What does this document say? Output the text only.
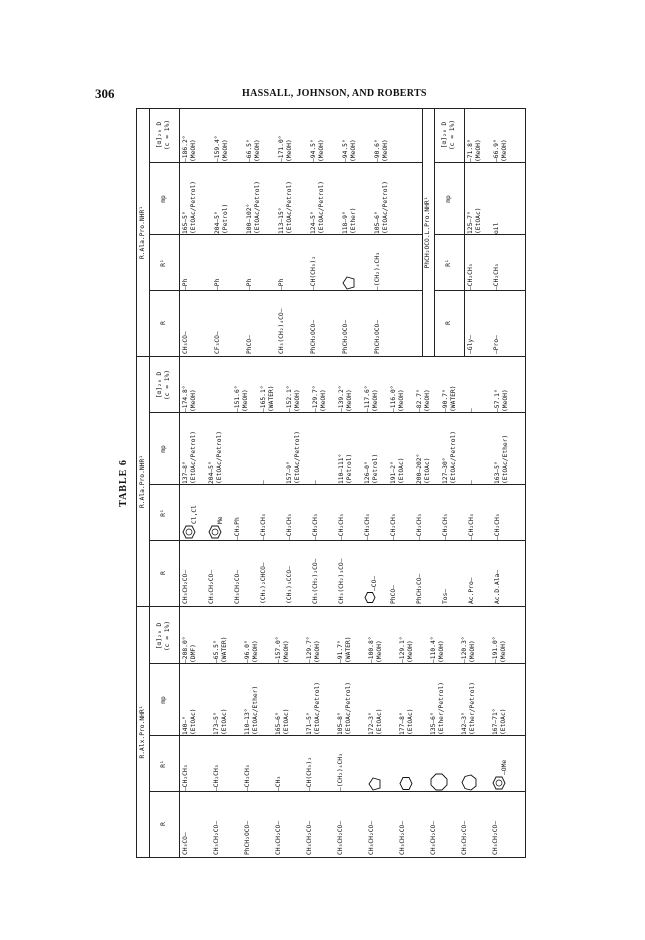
306	HASSALL, JOHNSON, AND ROBERTS
TABLE 6
R.Alx.Pro.NHR¹
R
R¹
mp
[α]₂₀ D (c = 1%)
CH₃CO–
–CH₂CH₃
140–° (EtOAc)
–208.0° (DMF)
CH₃CH₂CO–
–CH₂CH₃
173–5° (EtOAc)
–65.5° (WATER)
PhCH₂OCO–
–CH₂CH₃
110–13° (EtOAc/Ether)
–96.0° (MeOH)
CH₃CH₂CO–
–CH₃
165–6° (EtOAc)
–157.0° (MeOH)
CH₃CH₂CO–
–CH(CH₃)₂
171–5° (EtOAc/Petrol)
–129.7° (MeOH)
CH₃CH₂CO–
–(CH₂)₄CH₃
105–8° (EtOAc/Petrol)
–91.7° (WATER)
CH₃CH₂CO–
172–3° (EtOAc)
–100.8° (MeOH)
CH₃CH₂CO–
177–8° (EtOAc)
–129.1° (MeOH)
CH₃CH₂CO–
135–6° (Ether/Petrol)
–110.4° (MeOH)
CH₃CH₂CO–
142–3° (Ether/Petrol)
–120.3° (MeOH)
CH₃CH₂CO–
–OMe
167–71° (EtOAc)
–191.0° (MeOH)
R.Ala.Pro.NHR¹
R
R¹
mp
[α]₂₀ D (c = 1%)
CH₃CH₂CO–
Cl,Cl
137–8° (EtOAc/Petrol)
–174.8° (MeOH)
CH₃CH₂CO–
Me
204–5° (EtOAc/Petrol)
CH₃CH₂CO–
–CH₂Ph
–151.6° (MeOH)
(CH₃)₂CHCO–
–CH₂CH₃
–
–165.1° (WATER)
(CH₃)₃CCO–
–CH₂CH₃
157–9° (EtOAc/Petrol)
–152.1° (MeOH)
CH₃(CH₂)₂CO–
–CH₂CH₃
–
–129.7° (MeOH)
CH₃(CH₂)₃CO–
–CH₂CH₃
110–111° (Petrol)
–139.2° (MeOH)
–CO–
–CH₂CH₃
126–0° (Petrol)
–117.6° (MeOH)
PhCO–
–CH₂CH₃
191–2° (EtOAc)
–116.0° (MeOH)
PhCH₂CO–
–CH₂CH₃
200–202° (EtOAc)
–82.7° (MeOH)
Tos–
–CH₂CH₃
127–30° (EtOAc/Petrol)
–90.7° (WATER)
Ac.Pro–
–CH₂CH₃
–
–
Ac.D.Ala–
–CH₂CH₃
163–5° (EtOAc/Ether)
–57.1° (MeOH)
R.Ala.Pro.NHR¹
R
R¹
mp
[α]₂₀ D (c = 1%)
CH₃CO–
–Ph
165–5° (EtOAc/Petrol)
–186.2° (MeOH)
CF₃CO–
–Ph
204–5° (Petrol)
–159.4° (MeOH)
PhCO–
–Ph
100–102° (EtOAc/Petrol)
–66.5° (MeOH)
CH₃(CH₂)₄CO–
–Ph
113–15° (EtOAc/Petrol)
–171.0° (MeOH)
PhCH₂OCO–
–CH(CH₃)₂
124–5° (EtOAc/Petrol)
–94.5° (MeOH)
PhCH₂OCO–
118–9° (Ether)
–94.5° (MeOH)
PhCH₂OCO–
–(CH₂)₄CH₃
105–6° (EtOAc/Petrol)
–90.6° (MeOH)
PhCH₂OCO.L.Pro.NHR¹
R
R¹
mp
[α]₂₀ D (c = 1%)
–Gly–
–CH₂CH₃
125–7° (EtOAc)
–71.8° (MeOH)
–Pro–
–CH₂CH₃
oil
–66.9° (MeOH)
